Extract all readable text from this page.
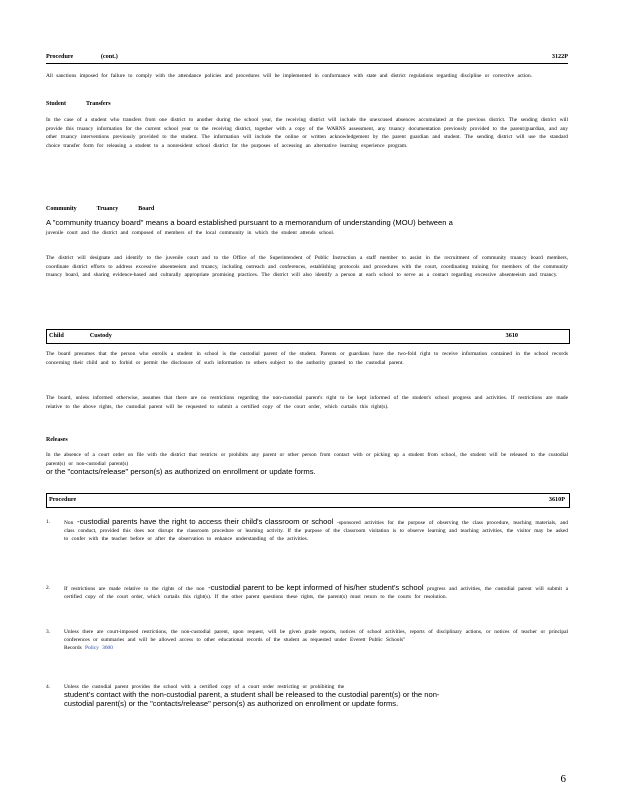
Procedure	(cont.)	3122P
All sanctions imposed for failure to comply with the attendance policies and procedures will be implemented in conformance with state and district regulations regarding discipline or corrective action.
Student	Transfers
In the case of a student who transfers from one district to another during the school year, the receiving district will include the unexcused absences accumulated at the previous district. The sending district will provide this truancy information for the current school year to the receiving district, together with a copy of the WARNS assessment, any truancy documentation previously provided to the parent/guardian, and any other truancy interventions previously provided to the student. The information will include the online or written acknowledgement by the parent guardian and student. The sending district will use the standard choice transfer form for releasing a student to a nonresident school district for the purposes of accessing an alternative learning experience program.
Community	Truancy	Board
A "community truancy board" means a board established pursuant to a memorandum of understanding (MOU) between a
juvenile court and the district and composed of members of the local community in which the student attends school.
The district will designate and identify to the juvenile court and to the Office of the Superintendent of Public Instruction a staff member to assist in the recruitment of community truancy board members, coordinate district efforts to address excessive absenteeism and truancy, including outreach and conferences, establishing protocols and procedures with the court, coordinating training for members of the community truancy board, and sharing evidence-based and culturally appropriate promising practices. The district will also identify a person at each school to serve as a contact regarding excessive absenteeism and truancy.
Child	Custody	3610
The board presumes that the person who enrolls a student in school is the custodial parent of the student. Parents or guardians have the two-fold right to receive information contained in the school records concerning their child and to forbid or permit the disclosure of such information to others subject to the authority granted to the custodial parent.
The board, unless informed otherwise, assumes that there are no restrictions regarding the non-custodial parent's right to be kept informed of the student's school progress and activities. If restrictions are made relative to the above rights, the custodial parent will be requested to submit a certified copy of the court order, which curtails this right(s).
Releases
In the absence of a court order on file with the district that restricts or prohibits any parent or other person from contact with or picking up a student from school, the student will be released to the custodial parent(s) or non-custodial parent(s)
or the "contacts/release" person(s) as authorized on enrollment or update forms.
Procedure	3610P
1.	Non -custodial parents have the right to access their child's classroom or school -sponsored activities for the purpose of observing the class procedure, teaching materials, and class conduct, provided this does not disrupt the classroom procedure or learning activity. If the purpose of the classroom visitation is to observe learning and teaching activities, the visitor may be asked to confer with the teacher before or after the observation to enhance understanding of the activities.
2.	If restrictions are made relative to the rights of the non -custodial parent to be kept informed of his/her student's school progress and activities, the custodial parent will submit a certified copy of the court order, which curtails this right(s). If the other parent questions these rights, the parent(s) must return to the courts for resolution.
3.	Unless there are court-imposed restrictions, the non-custodial parent, upon request, will be given grade reports, notices of school activities, reports of disciplinary actions, or notices of teacher or principal conferences or summaries and will be allowed access to other educational records of the student as requested under Everett Public Schools"
Records Policy 3600
4.	Unless the custodial parent provides the school with a certified copy of a court order restricting or prohibiting the
student's contact with the non-custodial parent, a student shall be released to the custodial parent(s) or the non-
custodial parent(s) or the "contacts/release" person(s) as authorized on enrollment or update forms.
6
